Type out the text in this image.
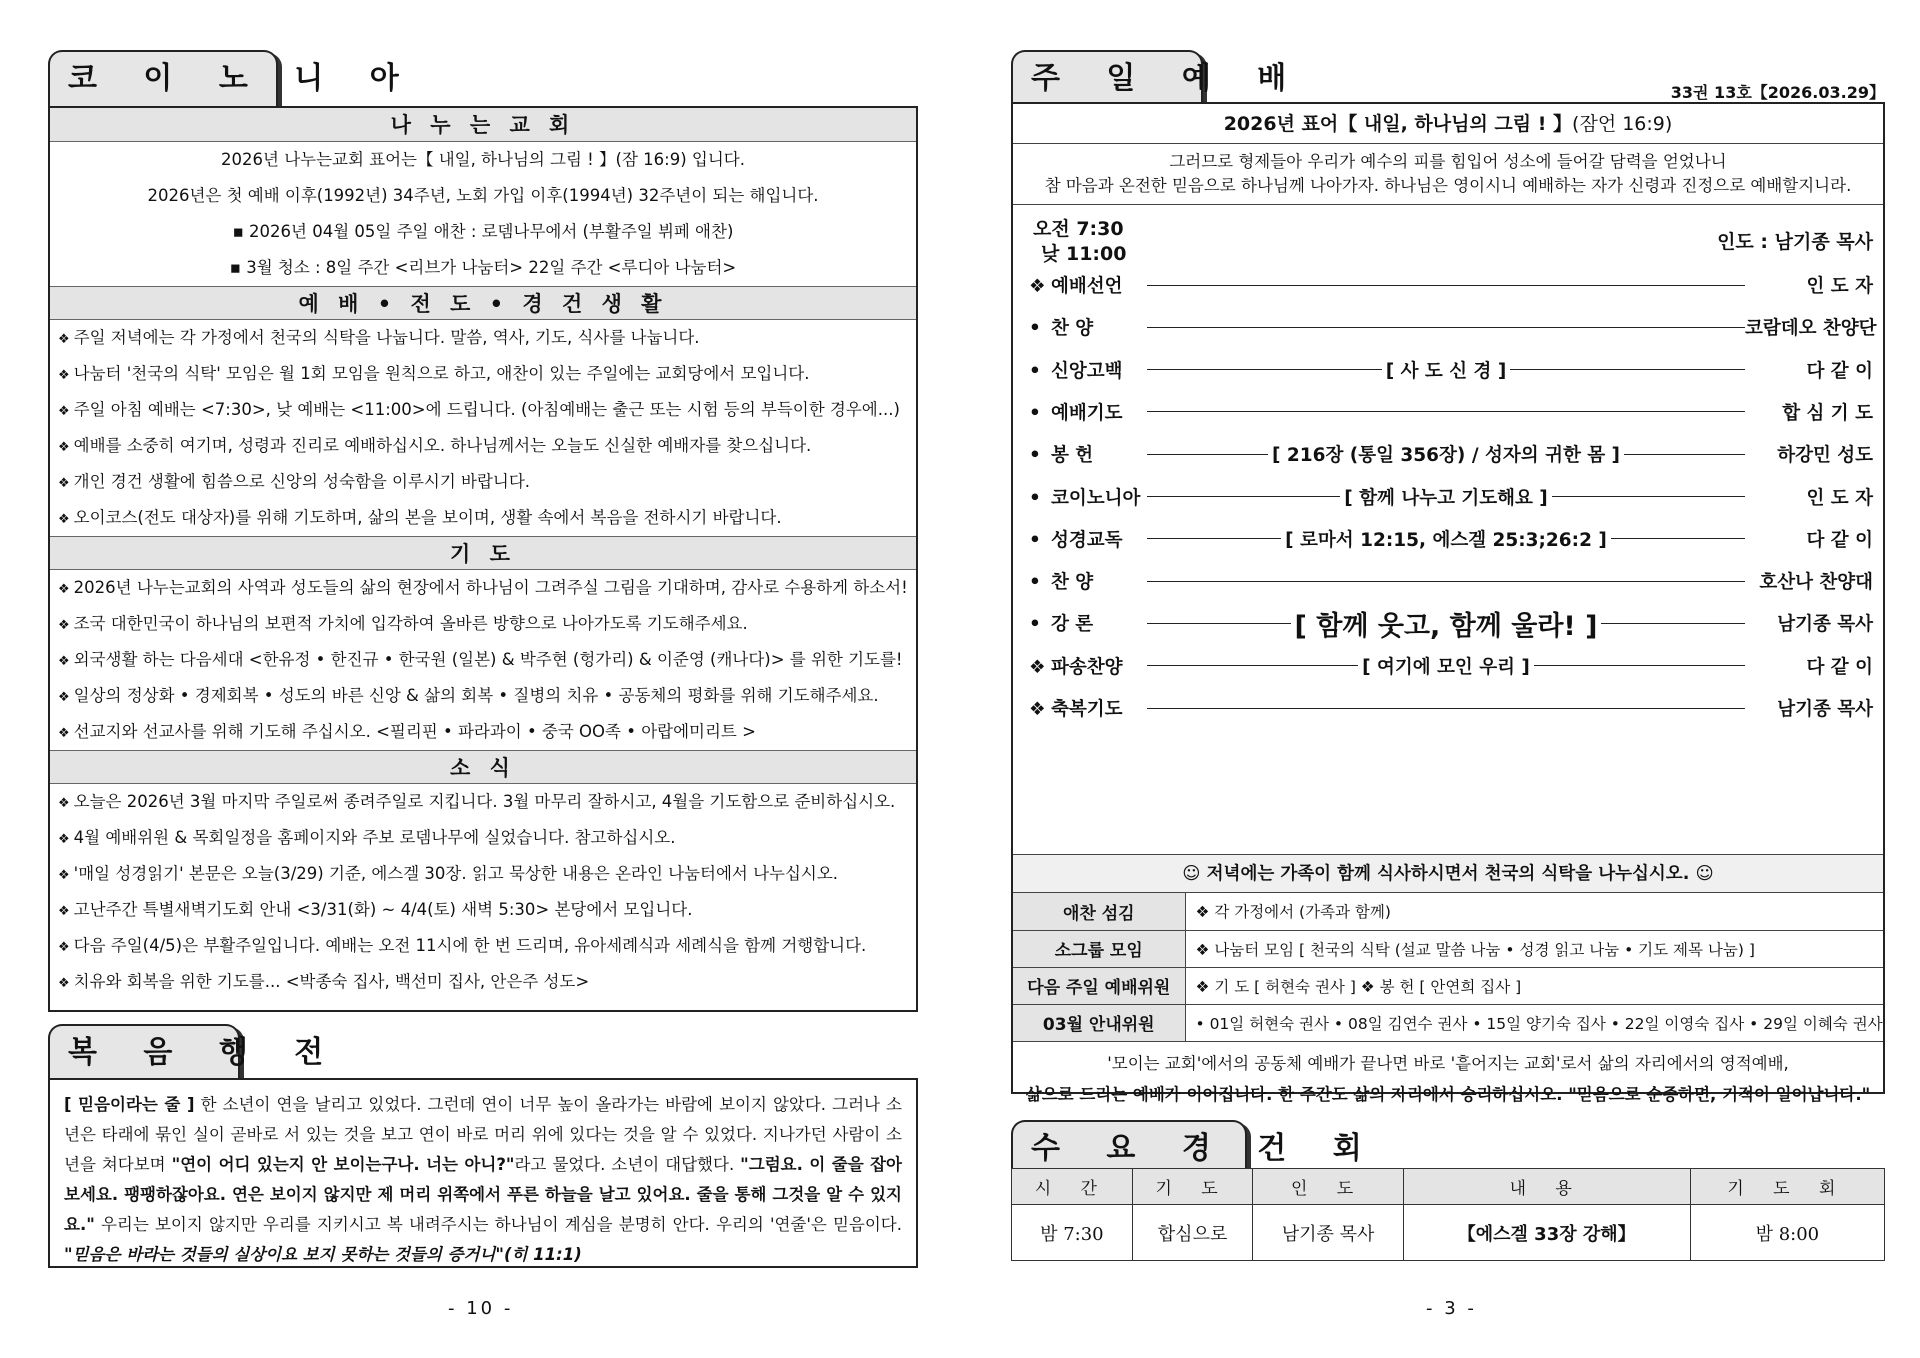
코 이 노 니 아
나 누 는 교 회
2026년 나누는교회 표어는【 내일, 하나님의 그림 ! 】(잠 16:9) 입니다.
2026년은 첫 예배 이후(1992년) 34주년, 노회 가입 이후(1994년) 32주년이 되는 해입니다.
▪ 2026년 04월 05일 주일 애찬 : 로뎀나무에서 (부활주일 뷔페 애찬)
▪ 3월 청소 : 8일 주간 <리브가 나눔터> 22일 주간 <루디아 나눔터>
예 배 • 전 도 • 경 건 생 활
❖ 주일 저녁에는 각 가정에서 천국의 식탁을 나눕니다. 말씀, 역사, 기도, 식사를 나눕니다.
❖ 나눔터 '천국의 식탁' 모임은 월 1회 모임을 원칙으로 하고, 애찬이 있는 주일에는 교회당에서 모입니다.
❖ 주일 아침 예배는 <7:30>, 낮 예배는 <11:00>에 드립니다. (아침예배는 출근 또는 시험 등의 부득이한 경우에...)
❖ 예배를 소중히 여기며, 성령과 진리로 예배하십시오. 하나님께서는 오늘도 신실한 예배자를 찾으십니다.
❖ 개인 경건 생활에 힘씀으로 신앙의 성숙함을 이루시기 바랍니다.
❖ 오이코스(전도 대상자)를 위해 기도하며, 삶의 본을 보이며, 생활 속에서 복음을 전하시기 바랍니다.
기 도
❖ 2026년 나누는교회의 사역과 성도들의 삶의 현장에서 하나님이 그려주실 그림을 기대하며, 감사로 수용하게 하소서!
❖ 조국 대한민국이 하나님의 보편적 가치에 입각하여 올바른 방향으로 나아가도록 기도해주세요.
❖ 외국생활 하는 다음세대 <한유정 • 한진규 • 한국원 (일본) & 박주현 (헝가리) & 이준영 (캐나다)> 를 위한 기도를!
❖ 일상의 정상화 • 경제회복 • 성도의 바른 신앙 & 삶의 회복 • 질병의 치유 • 공동체의 평화를 위해 기도해주세요.
❖ 선교지와 선교사를 위해 기도해 주십시오. <필리핀 • 파라과이 • 중국 OO족 • 아랍에미리트 >
소 식
❖ 오늘은 2026년 3월 마지막 주일로써 종려주일로 지킵니다. 3월 마무리 잘하시고, 4월을 기도함으로 준비하십시오.
❖ 4월 예배위원 & 목회일정을 홈페이지와 주보 로뎀나무에 실었습니다. 참고하십시오.
❖ '매일 성경읽기' 본문은 오늘(3/29) 기준, 에스겔 30장. 읽고 묵상한 내용은 온라인 나눔터에서 나누십시오.
❖ 고난주간 특별새벽기도회 안내 <3/31(화) ~ 4/4(토) 새벽 5:30> 본당에서 모입니다.
❖ 다음 주일(4/5)은 부활주일입니다. 예배는 오전 11시에 한 번 드리며, 유아세례식과 세례식을 함께 거행합니다.
❖ 치유와 회복을 위한 기도를... <박종숙 집사, 백선미 집사, 안은주 성도>
복 음 행 전
[ 믿음이라는 줄 ] 한 소년이 연을 날리고 있었다. 그런데 연이 너무 높이 올라가는 바람에 보이지 않았다. 그러나 소년은 타래에 묶인 실이 곧바로 서 있는 것을 보고 연이 바로 머리 위에 있다는 것을 알 수 있었다. 지나가던 사람이 소년을 쳐다보며 "연이 어디 있는지 안 보이는구나. 너는 아니?"라고 물었다. 소년이 대답했다. "그럼요. 이 줄을 잡아보세요. 팽팽하잖아요. 연은 보이지 않지만 제 머리 위쪽에서 푸른 하늘을 날고 있어요. 줄을 통해 그것을 알 수 있지요." 우리는 보이지 않지만 우리를 지키시고 복 내려주시는 하나님이 계심을 분명히 안다. 우리의 '연줄'은 믿음이다. "믿음은 바라는 것들의 실상이요 보지 못하는 것들의 증거니"(히 11:1)
- 10 -
주 일 예 배	33권 13호【2026.03.29】
2026년 표어【 내일, 하나님의 그림 ! 】(잠언 16:9)
그러므로 형제들아 우리가 예수의 피를 힘입어 성소에 들어갈 담력을 얻었나니
참 마음과 온전한 믿음으로 하나님께 나아가자. 하나님은 영이시니 예배하는 자가 신령과 진정으로 예배할지니라.
오전 7:30
낮 11:00
인도 : 남기종 목사
❖ 예배선언	인 도 자
• 찬 양	코람데오 찬양단
• 신앙고백	[ 사 도 신 경 ]	다 같 이
• 예배기도	합 심 기 도
• 봉 헌	[ 216장 (통일 356장) / 성자의 귀한 몸 ]	하강민 성도
• 코이노니아	[ 함께 나누고 기도해요 ]	인 도 자
• 성경교독	[ 로마서 12:15, 에스겔 25:3;26:2 ]	다 같 이
• 찬 양	호산나 찬양대
• 강 론	[ 함께 웃고, 함께 울라! ]	남기종 목사
❖ 파송찬양	[ 여기에 모인 우리 ]	다 같 이
❖ 축복기도	남기종 목사
☺ 저녁에는 가족이 함께 식사하시면서 천국의 식탁을 나누십시오. ☺
애찬 섬김	❖ 각 가정에서 (가족과 함께)
소그룹 모임	❖ 나눔터 모임 [ 천국의 식탁 (설교 말씀 나눔 • 성경 읽고 나눔 • 기도 제목 나눔) ]
다음 주일 예배위원	❖ 기 도 [ 허현숙 권사 ] ❖ 봉 헌 [ 안연희 집사 ]
03월 안내위원	• 01일 허현숙 권사 • 08일 김연수 권사 • 15일 양기숙 집사 • 22일 이영숙 집사 • 29일 이혜숙 권사
'모이는 교회'에서의 공동체 예배가 끝나면 바로 '흩어지는 교회'로서 삶의 자리에서의 영적예배,
삶으로 드리는 예배가 이어집니다. 한 주간도 삶의 자리에서 승리하십시오. "믿음으로 순종하면, 기적이 일어납니다."
수 요 경 건 회
시 간	기 도	인 도	내 용	기 도 회
밤 7:30	합심으로	남기종 목사	【에스겔 33장 강해】	밤 8:00
- 3 -
